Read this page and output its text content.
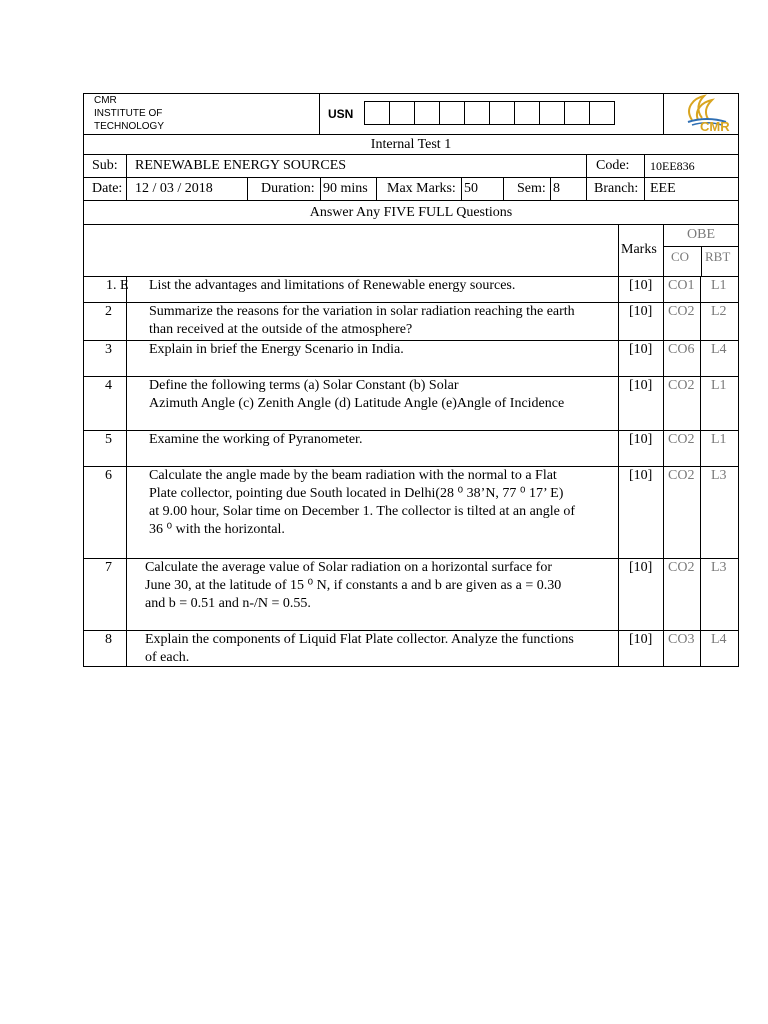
CMR
INSTITUTE OF
TECHNOLOGY
USN
CMR
Internal Test 1
Sub: RENEWABLE ENERGY SOURCES	Code: 10EE836
Date: 12 / 03 / 2018	Duration: 90 mins Max Marks: 50	Sem: 8 Branch: EEE
Answer Any FIVE FULL Questions
Marks
OBE
CO RBT
1. E List the advantages and limitations of Renewable energy sources.	[10] CO1 L1
2	Summarize the reasons for the variation in solar radiation reaching the earth
than received at the outside of the atmosphere?
[10] CO2 L2
3	Explain in brief the Energy Scenario in India.	[10] CO6 L4
4	Define the following terms (a) Solar Constant (b) Solar
Azimuth Angle (c) Zenith Angle (d) Latitude Angle (e)Angle of Incidence
[10] CO2 L1
5	Examine the working of Pyranometer.	[10] CO2 L1
6	Calculate the angle made by the beam radiation with the normal to a Flat
Plate collector, pointing due South located in Delhi(28 ⁰ 38’N, 77 ⁰ 17’ E)
at 9.00 hour, Solar time on December 1. The collector is tilted at an angle of
36 ⁰ with the horizontal.
[10] CO2 L3
7	Calculate the average value of Solar radiation on a horizontal surface for
June 30, at the latitude of 15 ⁰ N, if constants a and b are given as a = 0.30
and b = 0.51 and n-/N = 0.55.
[10] CO2 L3
8	Explain the components of Liquid Flat Plate collector. Analyze the functions
of each.
[10] CO3 L4
